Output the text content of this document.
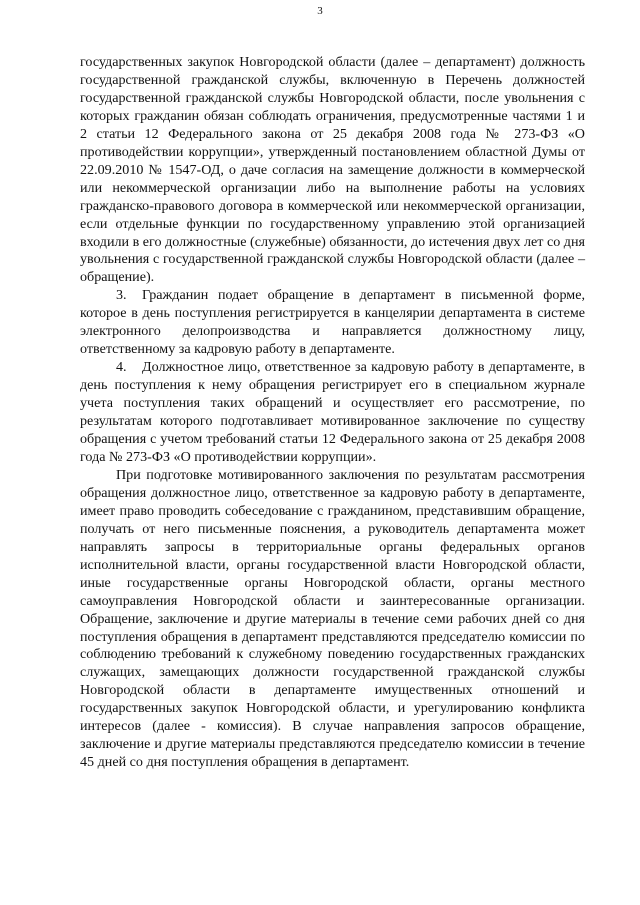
3

государственных закупок Новгородской области (далее – департамент) должность государственной гражданской службы, включенную в Перечень должностей государственной гражданской службы Новгородской области, после увольнения с которых гражданин обязан соблюдать ограничения, предусмотренные частями 1 и 2 статьи 12 Федерального закона от 25 декабря 2008 года № 273-ФЗ «О противодействии коррупции», утвержденный постановлением областной Думы от 22.09.2010 № 1547-ОД, о даче согласия на замещение должности в коммерческой или некоммерческой организации либо на выполнение работы на условиях гражданско-правового договора в коммерческой или некоммерческой организации, если отдельные функции по государственному управлению этой организацией входили в его должностные (служебные) обязанности, до истечения двух лет со дня увольнения с государственной гражданской службы Новгородской области (далее – обращение).

3. Гражданин подает обращение в департамент в письменной форме, которое в день поступления регистрируется в канцелярии департамента в системе электронного делопроизводства и направляется должностному лицу, ответственному за кадровую работу в департаменте.

4. Должностное лицо, ответственное за кадровую работу в департаменте, в день поступления к нему обращения регистрирует его в специальном журнале учета поступления таких обращений и осуществляет его рассмотрение, по результатам которого подготавливает мотивированное заключение по существу обращения с учетом требований статьи 12 Федерального закона от 25 декабря 2008 года № 273-ФЗ «О противодействии коррупции».

При подготовке мотивированного заключения по результатам рассмотрения обращения должностное лицо, ответственное за кадровую работу в департаменте, имеет право проводить собеседование с гражданином, представившим обращение, получать от него письменные пояснения, а руководитель департамента может направлять запросы в территориальные органы федеральных органов исполнительной власти, органы государственной власти Новгородской области, иные государственные органы Новгородской области, органы местного самоуправления Новгородской области и заинтересованные организации. Обращение, заключение и другие материалы в течение семи рабочих дней со дня поступления обращения в департамент представляются председателю комиссии по соблюдению требований к служебному поведению государственных гражданских служащих, замещающих должности государственной гражданской службы Новгородской области в департаменте имущественных отношений и государственных закупок Новгородской области, и урегулированию конфликта интересов (далее - комиссия). В случае направления запросов обращение, заключение и другие материалы представляются председателю комиссии в течение 45 дней со дня поступления обращения в департамент.
